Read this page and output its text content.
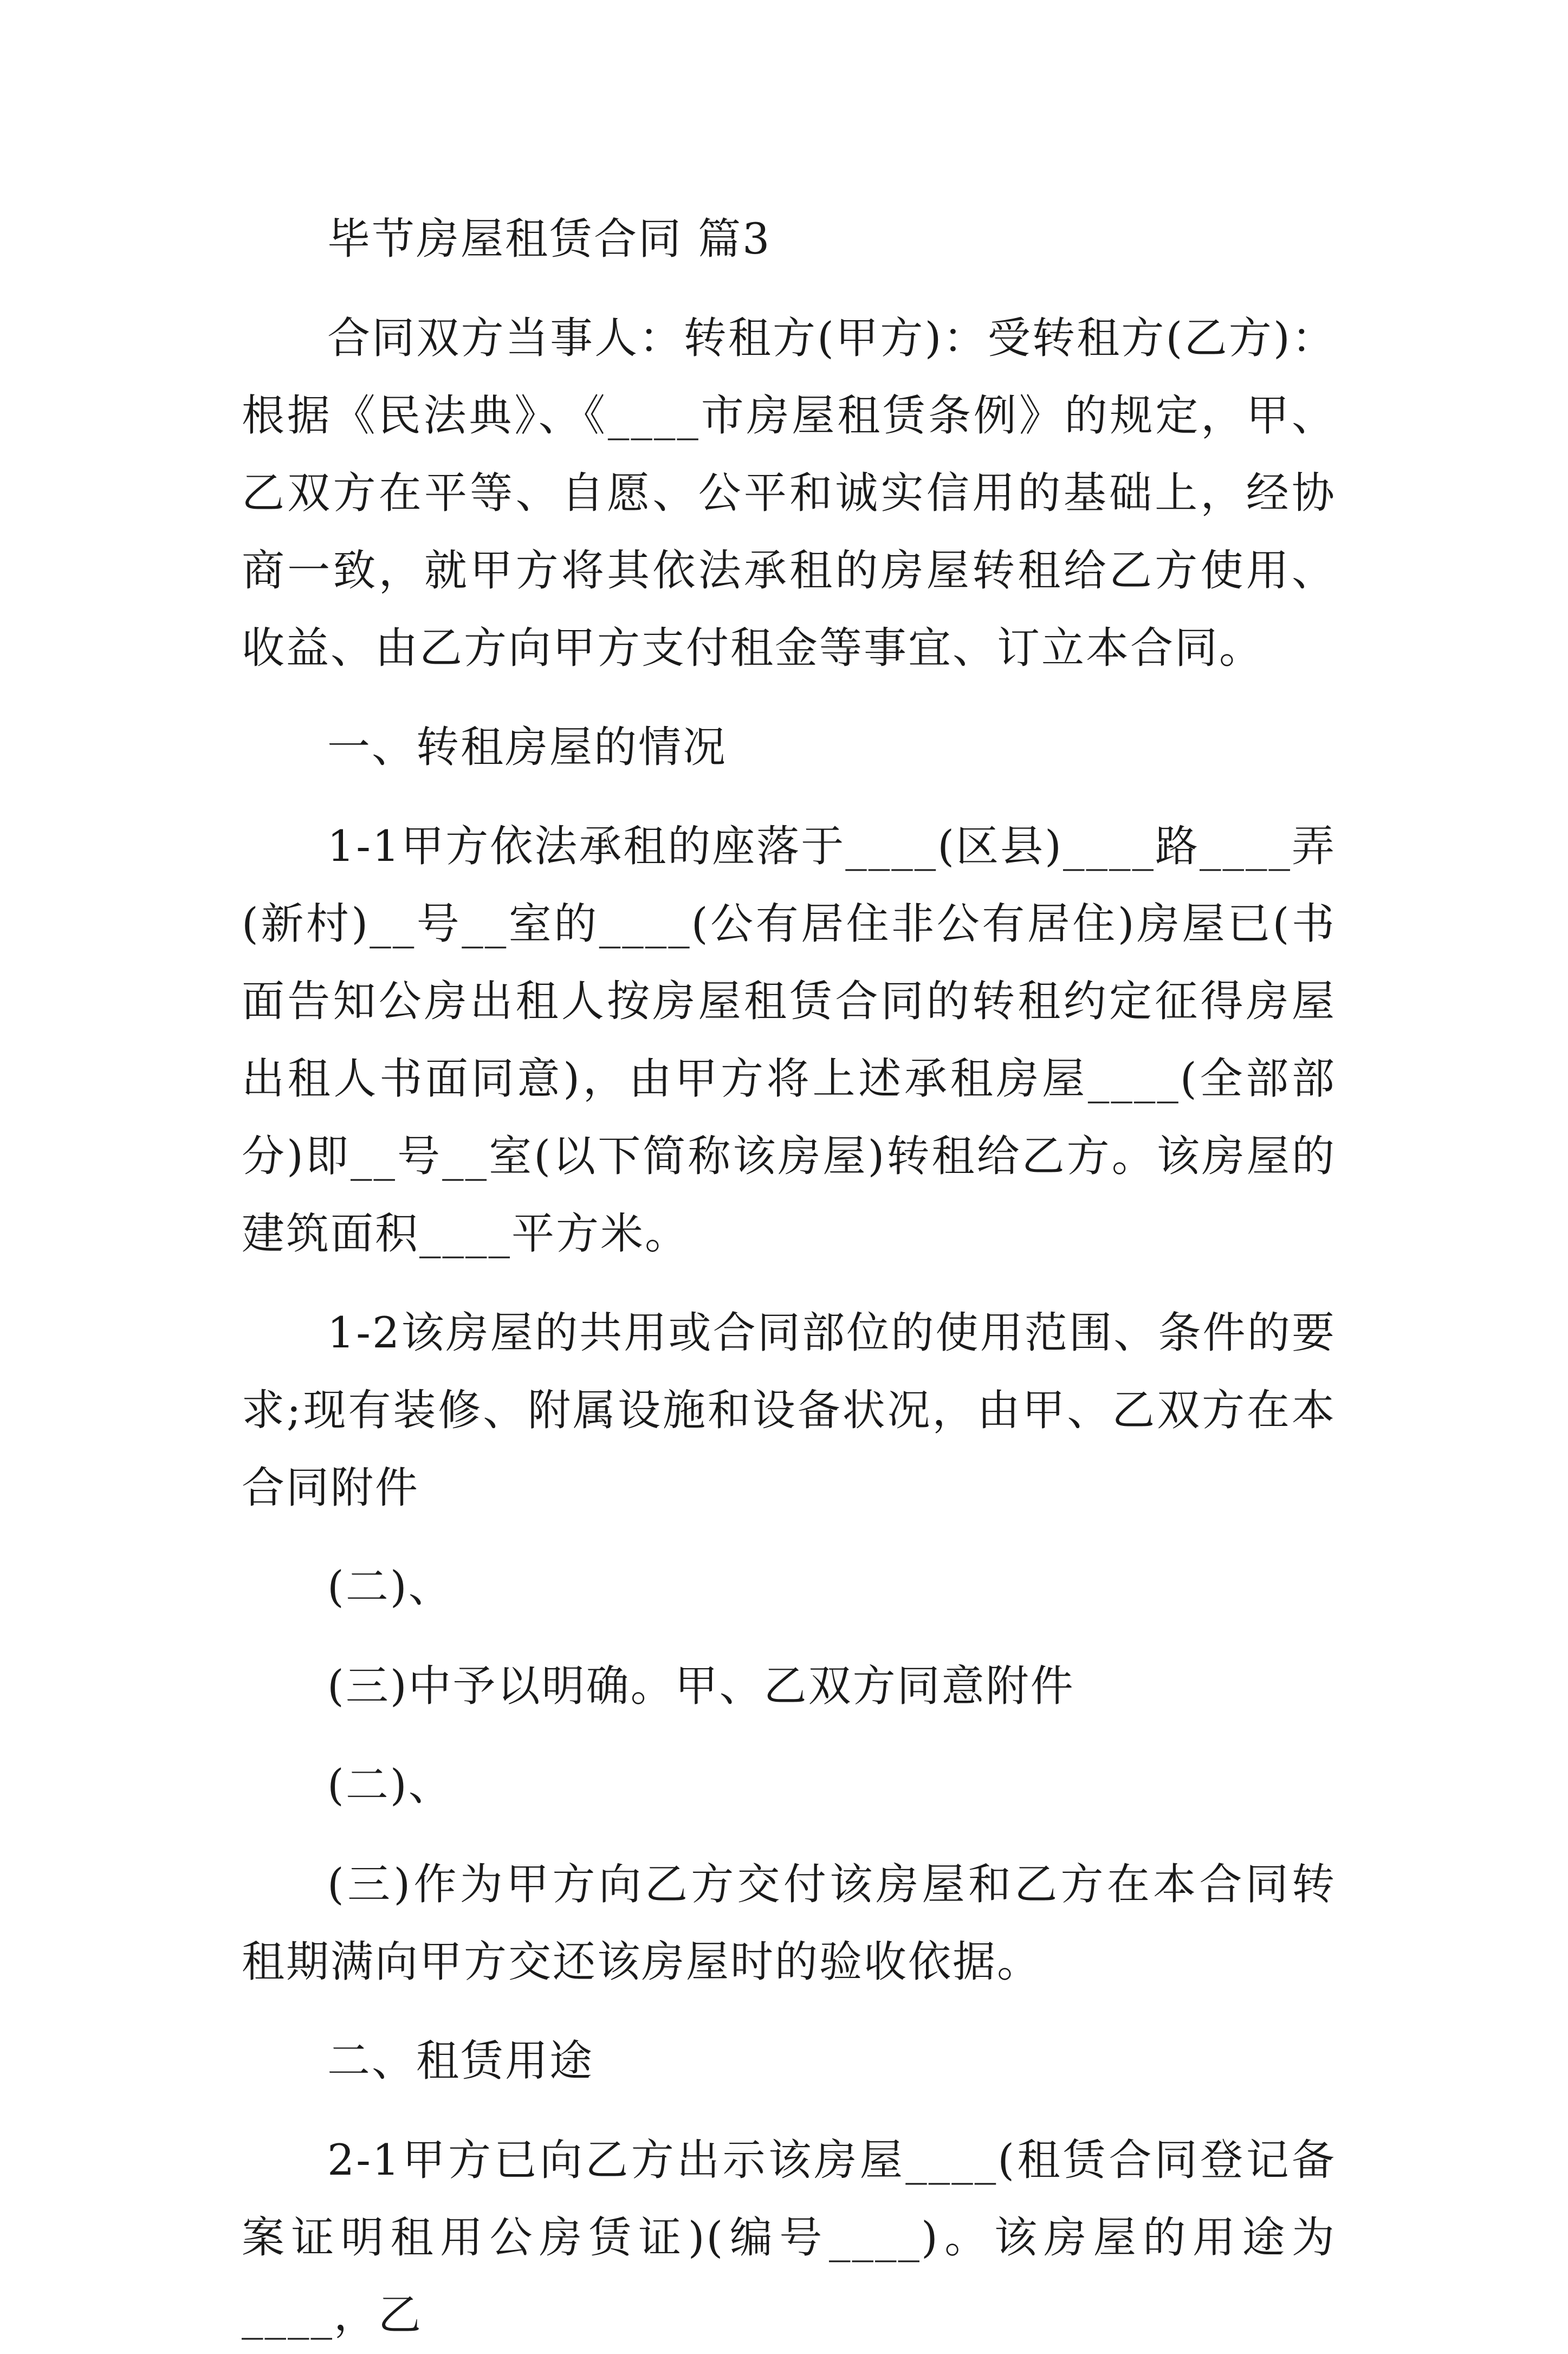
毕节房屋租赁合同 篇3

合同双方当事人：转租方(甲方)：受转租方(乙方)：根据《民法典》、《____市房屋租赁条例》的规定，甲、乙双方在平等、自愿、公平和诚实信用的基础上，经协商一致，就甲方将其依法承租的房屋转租给乙方使用、收益、由乙方向甲方支付租金等事宜、订立本合同。

一、转租房屋的情况

1-1甲方依法承租的座落于____(区县)____路____弄(新村)__号__室的____(公有居住非公有居住)房屋已(书面告知公房出租人按房屋租赁合同的转租约定征得房屋出租人书面同意)，由甲方将上述承租房屋____(全部部分)即__号__室(以下简称该房屋)转租给乙方。该房屋的建筑面积____平方米。

1-2该房屋的共用或合同部位的使用范围、条件的要求;现有装修、附属设施和设备状况，由甲、乙双方在本合同附件

(二)、

(三)中予以明确。甲、乙双方同意附件

(二)、

(三)作为甲方向乙方交付该房屋和乙方在本合同转租期满向甲方交还该房屋时的验收依据。

二、租赁用途

2-1甲方已向乙方出示该房屋____(租赁合同登记备案证明租用公房赁证)(编号____)。该房屋的用途为____，乙
